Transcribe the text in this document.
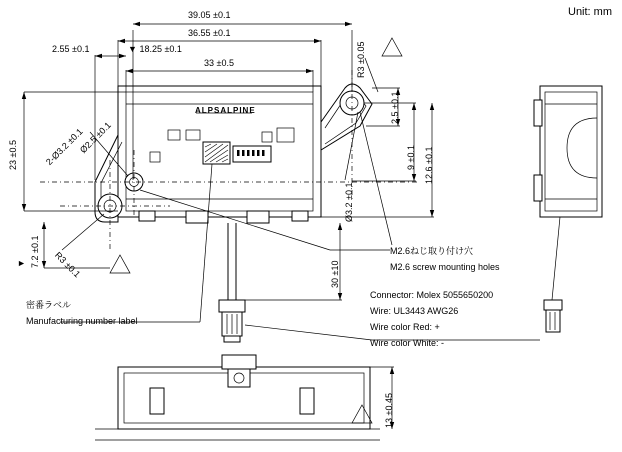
Unit: mm
39.05 ±0.1
36.55 ±0.1
33 ±0.5
2.55 ±0.1	▼ 18.25 ±0.1
23 ±0.5
7.2 ±0.1
▼	R3 ±0.1
2-Ø3.2 ±0.1
Ø2.5 ±0.1
R3 ±0.05
2.5 ±0.1
9 ±0.1
12.6 ±0.1
Ø3.2 ±0.1
30 ±10
13 ±0.45
ALPSALPINE
M2.6ねじ取り付け穴
M2.6 screw mounting holes
密番ラベル
Manufacturing number label
Connector: Molex 5055650200
Wire: UL3443 AWG26
Wire color Red: +
Wire color White: -
